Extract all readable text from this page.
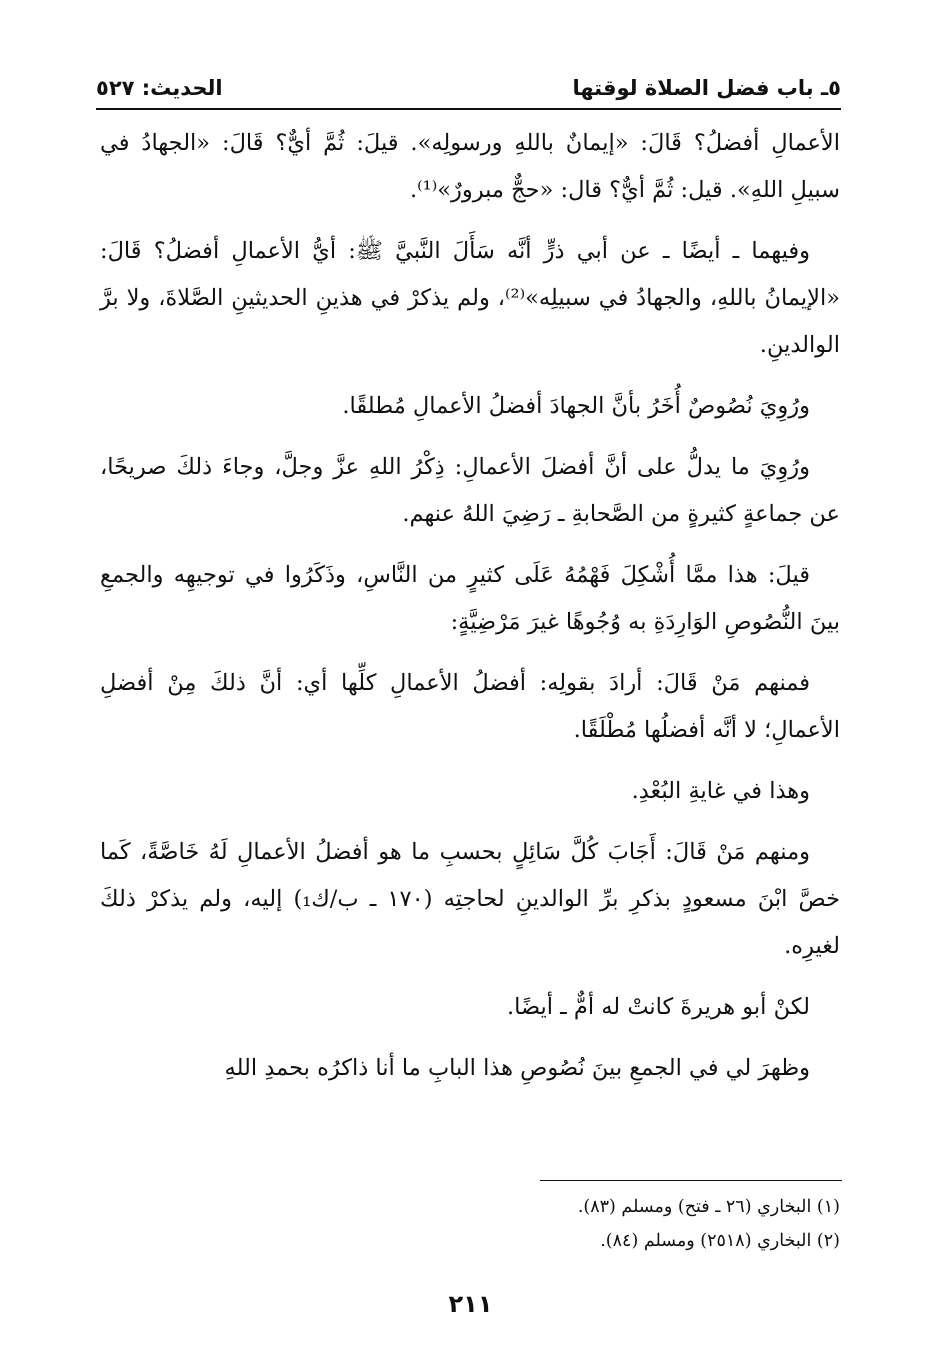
٥ـ باب فضل الصلاة لوقتها
الحديث: ٥٢٧

الأعمالِ أفضلُ؟ قَالَ: «إيمانٌ باللهِ ورسولِه». قيلَ: ثُمَّ أيٌّ؟ قَالَ: «الجهادُ في سبيلِ اللهِ». قيل: ثُمَّ أيٌّ؟ قال: «حجٌّ مبرورٌ»⁽¹⁾.

وفيهما ـ أيضًا ـ عن أبي ذرٍّ أنَّه سَأَلَ النَّبيَّ ﷺ: أيُّ الأعمالِ أفضلُ؟ قَالَ: «الإيمانُ باللهِ، والجهادُ في سبيلِه»⁽²⁾، ولم يذكرْ في هذينِ الحديثينِ الصَّلاةَ، ولا برَّ الوالدينِ.

ورُوِيَ نُصُوصٌ أُخَرُ بأنَّ الجهادَ أفضلُ الأعمالِ مُطلقًا.

ورُوِيَ ما يدلُّ على أنَّ أفضلَ الأعمالِ: ذِكْرُ اللهِ عزَّ وجلَّ، وجاءَ ذلكَ صريحًا، عن جماعةٍ كثيرةٍ من الصَّحابةِ ـ رَضِيَ اللهُ عنهم.

قيلَ: هذا ممَّا أُشْكِلَ فَهْمُهُ عَلَى كثيرٍ من النَّاسِ، وذَكَرُوا في توجيهِه والجمعِ بينَ النُّصُوصِ الوَارِدَةِ به وُجُوهًا غيرَ مَرْضِيَّةٍ:

فمنهم مَنْ قَالَ: أرادَ بقولِه: أفضلُ الأعمالِ كلِّها أي: أنَّ ذلكَ مِنْ أفضلِ الأعمالِ؛ لا أنَّه أفضلُها مُطْلَقًا.

وهذا في غايةِ البُعْدِ.

ومنهم مَنْ قَالَ: أَجَابَ كُلَّ سَائِلٍ بحسبِ ما هو أفضلُ الأعمالِ لَهُ خَاصَّةً، كَما خصَّ ابْنَ مسعودٍ بذكرِ برِّ الوالدينِ لحاجتِه (١٧٠ ـ ب/ك₁) إليه، ولم يذكرْ ذلكَ لغيرِه.

لكنْ أبو هريرةَ كانتْ له أمٌّ ـ أيضًا.

وظهرَ لي في الجمعِ بينَ نُصُوصِ هذا البابِ ما أنا ذاكرُه بحمدِ اللهِ

(١) البخاري (٢٦ ـ فتح) ومسلم (٨٣).
(٢) البخاري (٢٥١٨) ومسلم (٨٤).
٢١١
